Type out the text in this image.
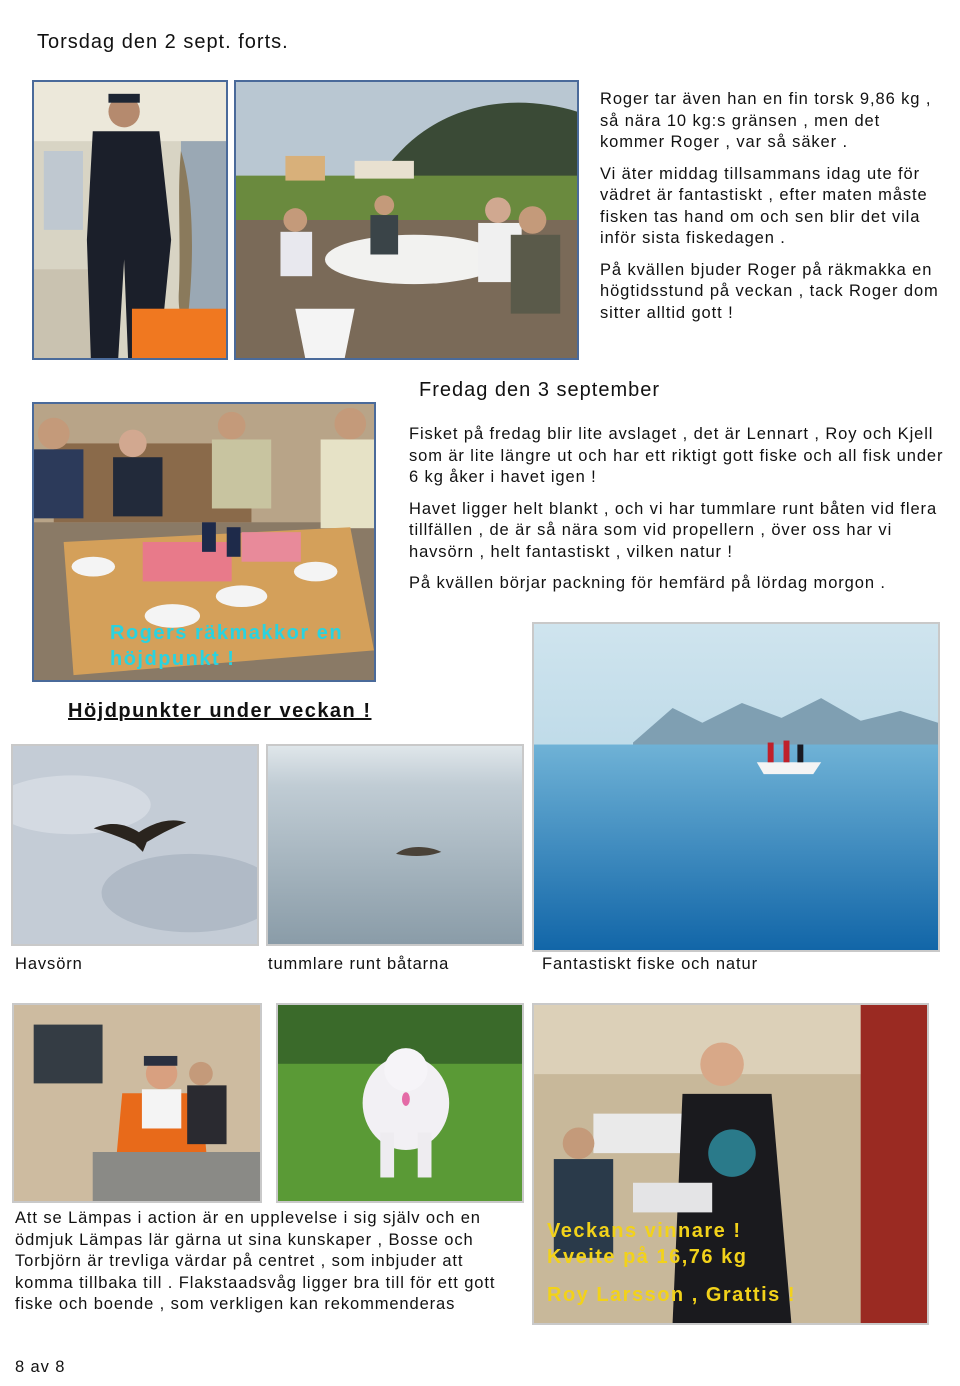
Torsdag den 2 sept. forts.

Roger tar även han en fin torsk 9,86 kg , så nära 10 kg:s gränsen , men det kommer Roger , var så säker .

Vi äter middag tillsammans idag ute för vädret är fantastiskt , efter maten måste fisken tas hand om och sen blir det vila inför sista fiskedagen .

På kvällen bjuder Roger på räkmakka en högtidsstund på veckan , tack Roger dom sitter alltid gott !

Fredag den 3 september
Rogers räkmakkor en höjdpunkt !

Fisket på fredag blir lite avslaget , det är Lennart , Roy och Kjell som är lite längre ut och har ett riktigt gott fiske och all fisk under 6 kg åker i havet igen !

Havet ligger helt blankt , och vi har tummlare runt båten vid flera tillfällen , de är så nära som vid propellern , över oss har vi havsörn , helt fantastiskt , vilken natur !

På kvällen börjar packning för hemfärd på lördag morgon .

Höjdpunkter under veckan !
Havsörn	tummlare runt båtarna	Fantastiskt fiske och natur
Veckans vinnare !
Kveite på 16,76 kg
Roy Larsson , Grattis !
Att se Lämpas i action är en upplevelse i sig själv och en ödmjuk Lämpas lär gärna ut sina kunskaper , Bosse och Torbjörn är trevliga värdar på centret , som inbjuder att komma tillbaka till . Flakstaadsvåg ligger bra till för ett gott fiske och boende , som verkligen kan rekommenderas
8 av 8
